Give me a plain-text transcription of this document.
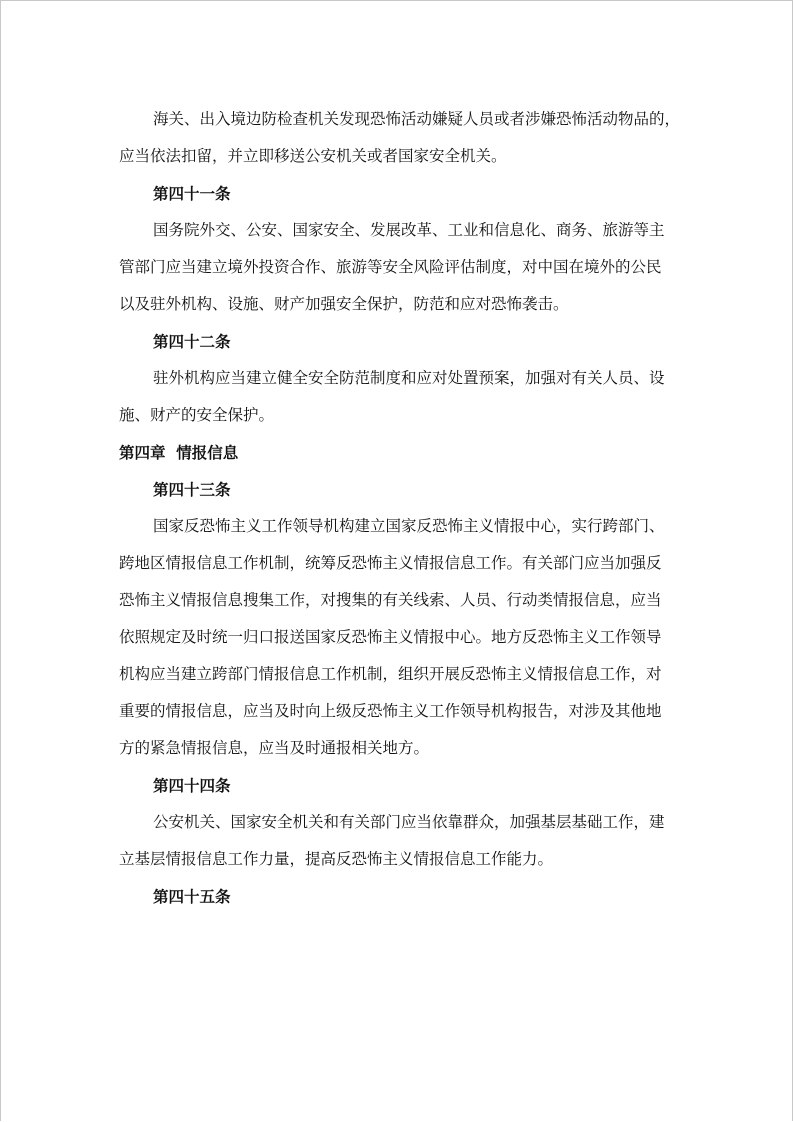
海关、出入境边防检查机关发现恐怖活动嫌疑人员或者涉嫌恐怖活动物品的，

应当依法扣留，并立即移送公安机关或者国家安全机关。

第四十一条

国务院外交、公安、国家安全、发展改革、工业和信息化、商务、旅游等主

管部门应当建立境外投资合作、旅游等安全风险评估制度，对中国在境外的公民

以及驻外机构、设施、财产加强安全保护，防范和应对恐怖袭击。

第四十二条

驻外机构应当建立健全安全防范制度和应对处置预案，加强对有关人员、设

施、财产的安全保护。

第四章  情报信息

第四十三条

国家反恐怖主义工作领导机构建立国家反恐怖主义情报中心，实行跨部门、

跨地区情报信息工作机制，统筹反恐怖主义情报信息工作。有关部门应当加强反

恐怖主义情报信息搜集工作，对搜集的有关线索、人员、行动类情报信息，应当

依照规定及时统一归口报送国家反恐怖主义情报中心。地方反恐怖主义工作领导

机构应当建立跨部门情报信息工作机制，组织开展反恐怖主义情报信息工作，对

重要的情报信息，应当及时向上级反恐怖主义工作领导机构报告，对涉及其他地

方的紧急情报信息，应当及时通报相关地方。

第四十四条

公安机关、国家安全机关和有关部门应当依靠群众，加强基层基础工作，建

立基层情报信息工作力量，提高反恐怖主义情报信息工作能力。

第四十五条
